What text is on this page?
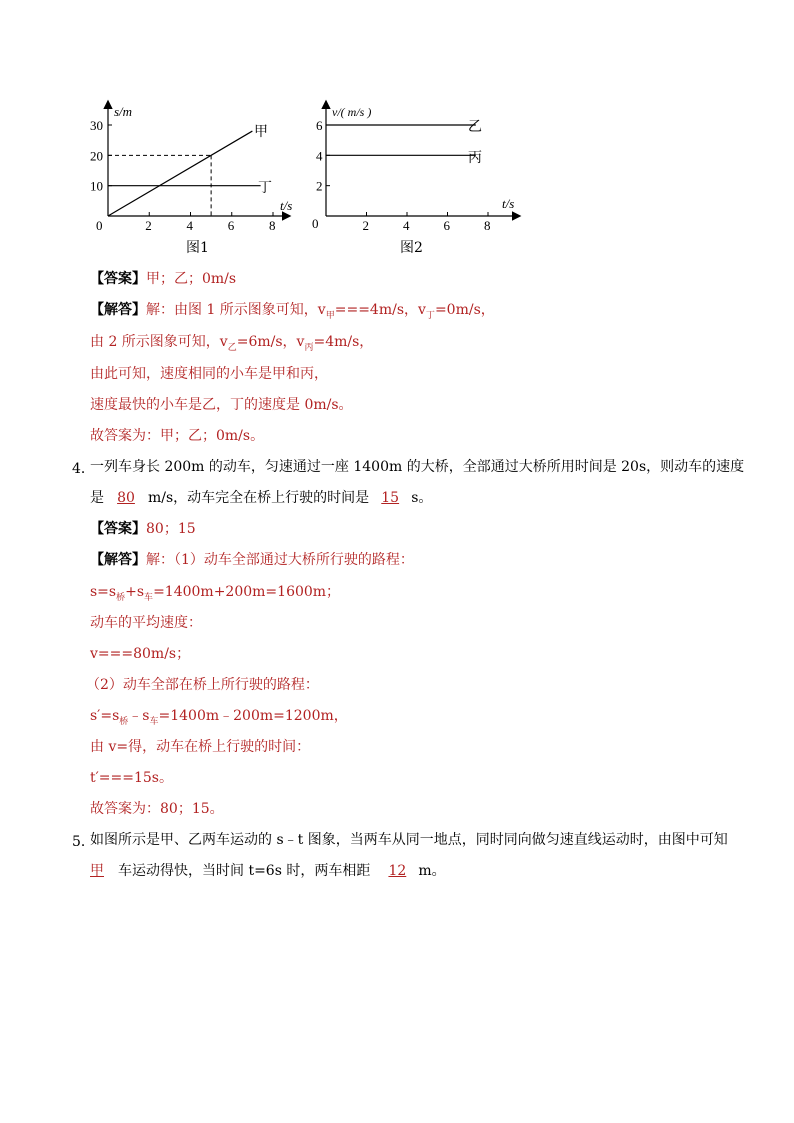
s/m
t/s
0
甲
丁
图1
2	4	6	8
10
20
30
v/( m/s )
t/s
0
乙
丙
图2
2	4	6	8
2
4
6
【答案】甲；乙；0m/s
【解答】解：由图 1 所示图象可知，$v_甲===4m/s$，$v_丁=0m/s$，
由 2 所示图象可知，$v_乙=6m/s$，$v_丙=4m/s$，
由此可知，速度相同的小车是甲和丙，
速度最快的小车是乙，丁的速度是 0m/s。
故答案为：甲；乙；0m/s。
4．
一列车身长 200m 的动车，匀速通过一座 1400m 的大桥，全部通过大桥所用时间是 20s，则动车的速度
是 80 m/s，动车完全在桥上行驶的时间是 15 s。
【答案】80；15
【解答】解：（1）动车全部通过大桥所行驶的路程：
$s=s_桥+s_车=1400m+200m=1600m$；
动车的平均速度：
v===80m/s；
（2）动车全部在桥上所行驶的路程：
$s'=s_桥﹣s_车=1400m﹣200m=1200m$，
由 v=得，动车在桥上行驶的时间：
t′===15s。
故答案为：80；15。
5．
如图所示是甲、乙两车运动的 s﹣t 图象，当两车从同一地点，同时同向做匀速直线运动时，由图中可知
甲 车运动得快，当时间 t=6s 时，两车相距 12 m。
